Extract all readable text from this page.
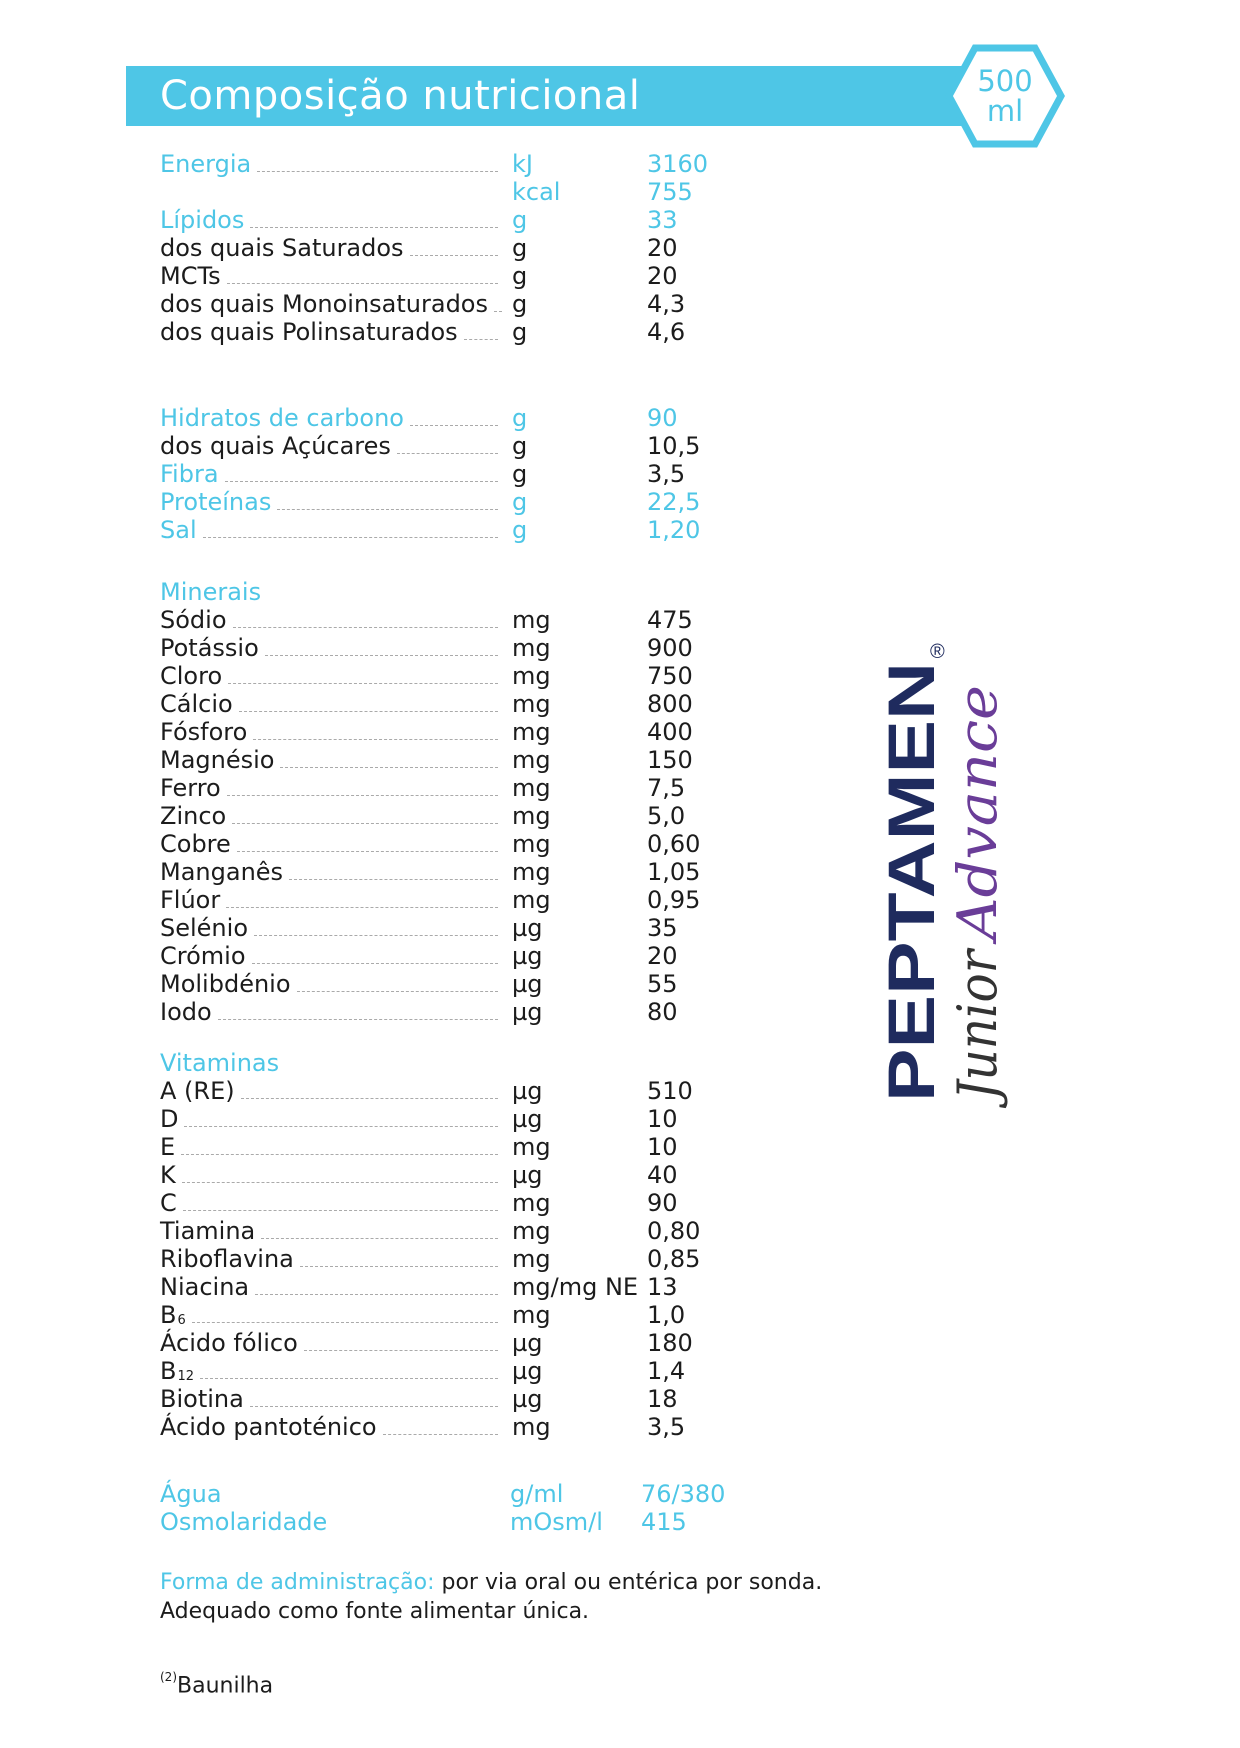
Composição nutricional	500
ml
Minerais
Vitaminas
Energia	kJ	3160
kcal	755
Lípidos	g	33
dos quais Saturados	g	20
MCTs	g	20
dos quais Monoinsaturados g	4,3
dos quais Polinsaturados g	4,6
Hidratos de carbono	g	90
dos quais Açúcares	g	10,5
Fibra	g	3,5
Proteínas	g	22,5
Sal	g	1,20
Sódio	mg	475
Potássio	mg	900
Cloro	mg	750
Cálcio	mg	800
Fósforo	mg	400
Magnésio	mg	150
Ferro	mg	7,5
Zinco	mg	5,0
Cobre	mg	0,60
Manganês	mg	1,05
Flúor	mg	0,95
Selénio	µg	35
Crómio	µg	20
Molibdénio	µg	55
Iodo	µg	80
A (RE)	µg	510
D	µg	10
E	mg	10
K	µg	40
C	mg	90
Tiamina	mg	0,80
Riboflavina	mg	0,85
Niacina	mg/mg NE 13
B 6	mg	1,0
Ácido fólico	µg	180
B 12	µg	1,4
Biotina	µg	18
Ácido pantoténico	mg	3,5
Água	g/ml	76/380
Osmolaridade	mOsm/l 415
Forma de administração: por via oral ou entérica por sonda.
Adequado como fonte alimentar única.
$^{(2)}$Baunilha
PEPTAMEN
®
Junior
Advance
